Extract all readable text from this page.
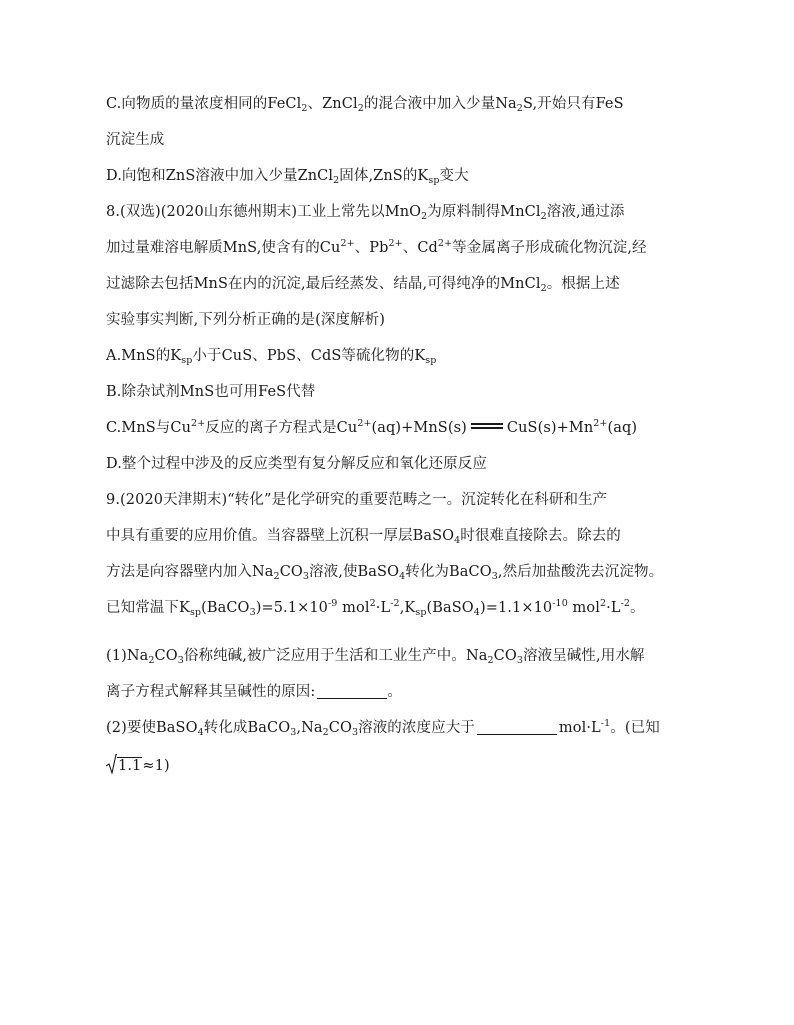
C.向物质的量浓度相同的FeCl$_2$、ZnCl$_2$的混合液中加入少量$Na_2S$,开始只有FeS
沉淀生成
D.向饱和ZnS溶液中加入少量ZnCl$_2$固体,ZnS的$K_{sp}$变大
8.(双选)(2020山东德州期末)工业上常先以MnO$_2$为原料制得MnCl$_2$溶液,通过添
加过量难溶电解质MnS,使含有的$Cu^{2+}$、$Pb^{2+}$、$Cd^{2+}$等金属离子形成硫化物沉淀,经
过滤除去包括MnS在内的沉淀,最后经蒸发、结晶,可得纯净的MnCl$_2$。根据上述
实验事实判断,下列分析正确的是(深度解析)
A.MnS的$K_{sp}$小于CuS、PbS、CdS等硫化物的$K_{sp}$
B.除杂试剂MnS也可用FeS代替
C.MnS与$Cu^{2+}$反应的离子方程式是$Cu^{2+}(aq)+MnS(s)$	$CuS(s)+Mn^{2+}(aq)$
D.整个过程中涉及的反应类型有复分解反应和氧化还原反应
9.(2020天津期末)“转化”是化学研究的重要范畴之一。沉淀转化在科研和生产
中具有重要的应用价值。当容器壁上沉积一厚层BaSO$_4$时很难直接除去。除去的
方法是向容器壁内加入$Na_2CO_3$溶液,使BaSO$_4$转化为BaCO$_3$,然后加盐酸洗去沉淀物。
已知常温下$K_{sp}(BaCO_3)=5.1\times 10^{-9}$ $mol^2\cdot L^{-2},K_{sp}(BaSO_4)=1.1\times 10^{-10}$ $mol^2\cdot L^{-2}$。
$(1)Na_2CO_3$俗称纯碱,被广泛应用于生活和工业生产中。$Na_2CO_3$溶液呈碱性,用水解
离子方程式解释其呈碱性的原因:	。
(2)要使BaSO$_4$转化成$BaCO_3,Na_2CO_3$溶液的浓度应大于	$mol\cdot L^{-1}$。(已知
1.1≈1)
